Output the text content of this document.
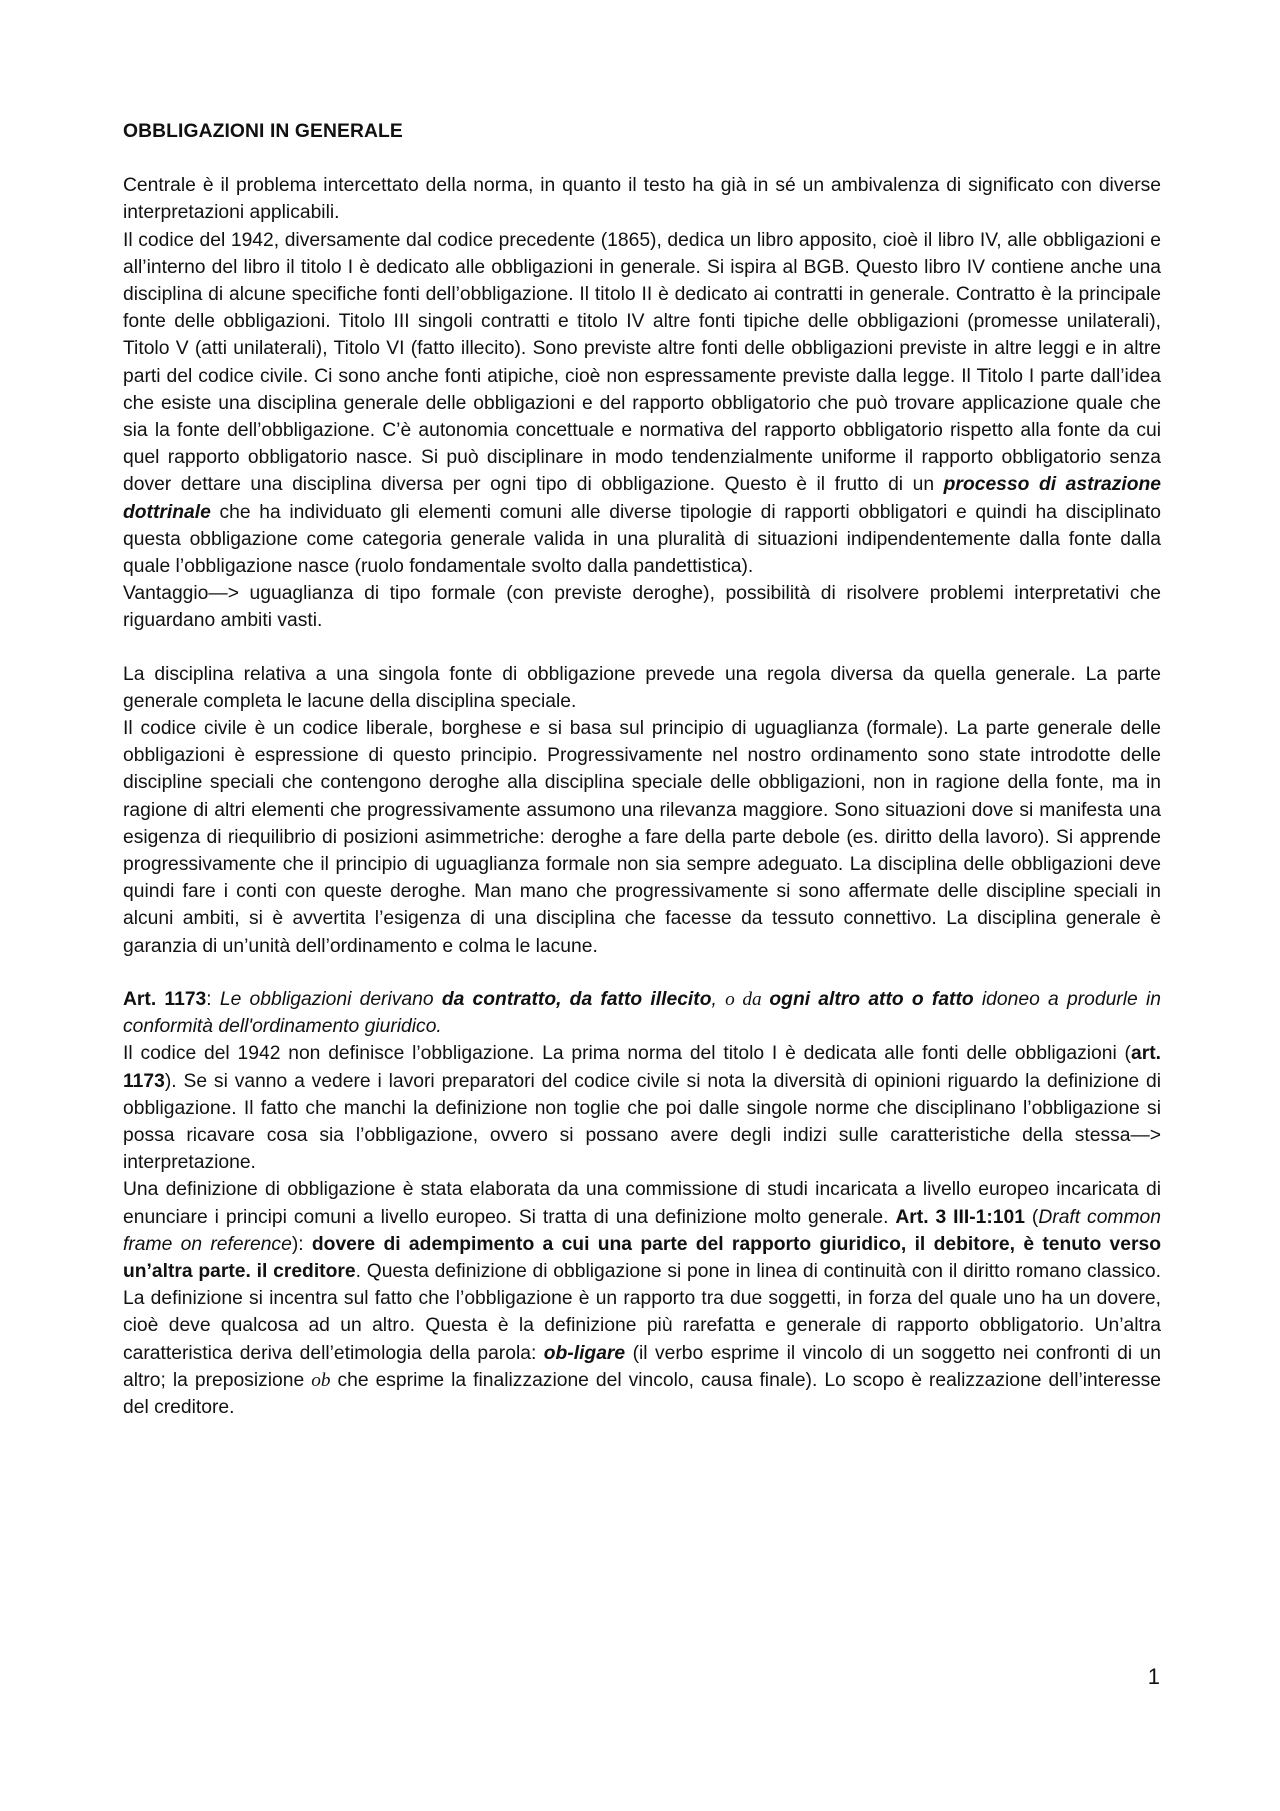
OBBLIGAZIONI IN GENERALE

Centrale è il problema intercettato della norma, in quanto il testo ha già in sé un ambivalenza di significato con diverse interpretazioni applicabili.

Il codice del 1942, diversamente dal codice precedente (1865), dedica un libro apposito, cioè il libro IV, alle obbligazioni e all’interno del libro il titolo I è dedicato alle obbligazioni in generale. Si ispira al BGB. Questo libro IV contiene anche una disciplina di alcune specifiche fonti dell’obbligazione. Il titolo II è dedicato ai contratti in generale. Contratto è la principale fonte delle obbligazioni. Titolo III singoli contratti e titolo IV altre fonti tipiche delle obbligazioni (promesse unilaterali), Titolo V (atti unilaterali), Titolo VI (fatto illecito). Sono previste altre fonti delle obbligazioni previste in altre leggi e in altre parti del codice civile. Ci sono anche fonti atipiche, cioè non espressamente previste dalla legge. Il Titolo I parte dall’idea che esiste una disciplina generale delle obbligazioni e del rapporto obbligatorio che può trovare applicazione quale che sia la fonte dell’obbligazione. C’è autonomia concettuale e normativa del rapporto obbligatorio rispetto alla fonte da cui quel rapporto obbligatorio nasce. Si può disciplinare in modo tendenzialmente uniforme il rapporto obbligatorio senza dover dettare una disciplina diversa per ogni tipo di obbligazione. Questo è il frutto di un processo di astrazione dottrinale che ha individuato gli elementi comuni alle diverse tipologie di rapporti obbligatori e quindi ha disciplinato questa obbligazione come categoria generale valida in una pluralità di situazioni indipendentemente dalla fonte dalla quale l’obbligazione nasce (ruolo fondamentale svolto dalla pandettistica).

Vantaggio—> uguaglianza di tipo formale (con previste deroghe), possibilità di risolvere problemi interpretativi che riguardano ambiti vasti.

La disciplina relativa a una singola fonte di obbligazione prevede una regola diversa da quella generale. La parte generale completa le lacune della disciplina speciale.

Il codice civile è un codice liberale, borghese e si basa sul principio di uguaglianza (formale). La parte generale delle obbligazioni è espressione di questo principio. Progressivamente nel nostro ordinamento sono state introdotte delle discipline speciali che contengono deroghe alla disciplina speciale delle obbligazioni, non in ragione della fonte, ma in ragione di altri elementi che progressivamente assumono una rilevanza maggiore. Sono situazioni dove si manifesta una esigenza di riequilibrio di posizioni asimmetriche: deroghe a fare della parte debole (es. diritto della lavoro). Si apprende progressivamente che il principio di uguaglianza formale non sia sempre adeguato. La disciplina delle obbligazioni deve quindi fare i conti con queste deroghe. Man mano che progressivamente si sono affermate delle discipline speciali in alcuni ambiti, si è avvertita l’esigenza di una disciplina che facesse da tessuto connettivo. La disciplina generale è garanzia di un’unità dell’ordinamento e colma le lacune.

Art. 1173: Le obbligazioni derivano da contratto, da fatto illecito, o da ogni altro atto o fatto idoneo a produrle in conformità dell'ordinamento giuridico.

Il codice del 1942 non definisce l’obbligazione. La prima norma del titolo I è dedicata alle fonti delle obbligazioni (art. 1173). Se si vanno a vedere i lavori preparatori del codice civile si nota la diversità di opinioni riguardo la definizione di obbligazione. Il fatto che manchi la definizione non toglie che poi dalle singole norme che disciplinano l’obbligazione si possa ricavare cosa sia l’obbligazione, ovvero si possano avere degli indizi sulle caratteristiche della stessa—> interpretazione.

Una definizione di obbligazione è stata elaborata da una commissione di studi incaricata a livello europeo incaricata di enunciare i principi comuni a livello europeo. Si tratta di una definizione molto generale. Art. 3 III-1:101 (Draft common frame on reference): dovere di adempimento a cui una parte del rapporto giuridico, il debitore, è tenuto verso un’altra parte. il creditore. Questa definizione di obbligazione si pone in linea di continuità con il diritto romano classico. La definizione si incentra sul fatto che l’obbligazione è un rapporto tra due soggetti, in forza del quale uno ha un dovere, cioè deve qualcosa ad un altro. Questa è la definizione più rarefatta e generale di rapporto obbligatorio. Un’altra caratteristica deriva dell’etimologia della parola: ob-ligare (il verbo esprime il vincolo di un soggetto nei confronti di un altro; la preposizione ob che esprime la finalizzazione del vincolo, causa finale). Lo scopo è realizzazione dell’interesse del creditore.

1
